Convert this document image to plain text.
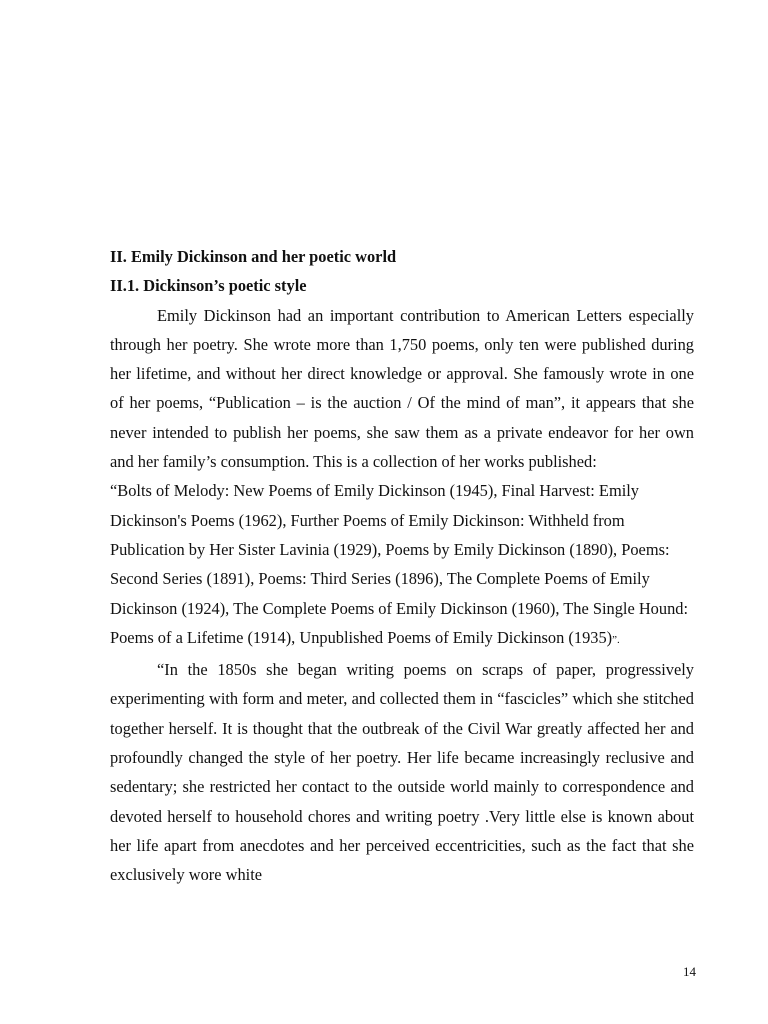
II. Emily Dickinson and her poetic world

II.1. Dickinson’s poetic style

Emily Dickinson had an important contribution to American Letters especially through her poetry. She wrote more than 1,750 poems, only ten were published during her lifetime, and without her direct knowledge or approval. She famously wrote in one of her poems, “Publication – is the auction / Of the mind of man”, it appears that she never intended to publish her poems, she saw them as a private endeavor for her own and her family’s consumption. This is a collection of her works published:

“Bolts of Melody: New Poems of Emily Dickinson (1945), Final Harvest: Emily Dickinson's Poems (1962), Further Poems of Emily Dickinson: Withheld from Publication by Her Sister Lavinia (1929), Poems by Emily Dickinson (1890), Poems: Second Series (1891), Poems: Third Series (1896), The Complete Poems of Emily Dickinson (1924), The Complete Poems of Emily Dickinson (1960), The Single Hound: Poems of a Lifetime (1914), Unpublished Poems of Emily Dickinson (1935)”.

“In the 1850s she began writing poems on scraps of paper, progressively experimenting with form and meter, and collected them in “fascicles” which she stitched together herself. It is thought that the outbreak of the Civil War greatly affected her and profoundly changed the style of her poetry. Her life became increasingly reclusive and sedentary; she restricted her contact to the outside world mainly to correspondence and devoted herself to household chores and writing poetry .Very little else is known about her life apart from anecdotes and her perceived eccentricities, such as the fact that she exclusively wore white

14
